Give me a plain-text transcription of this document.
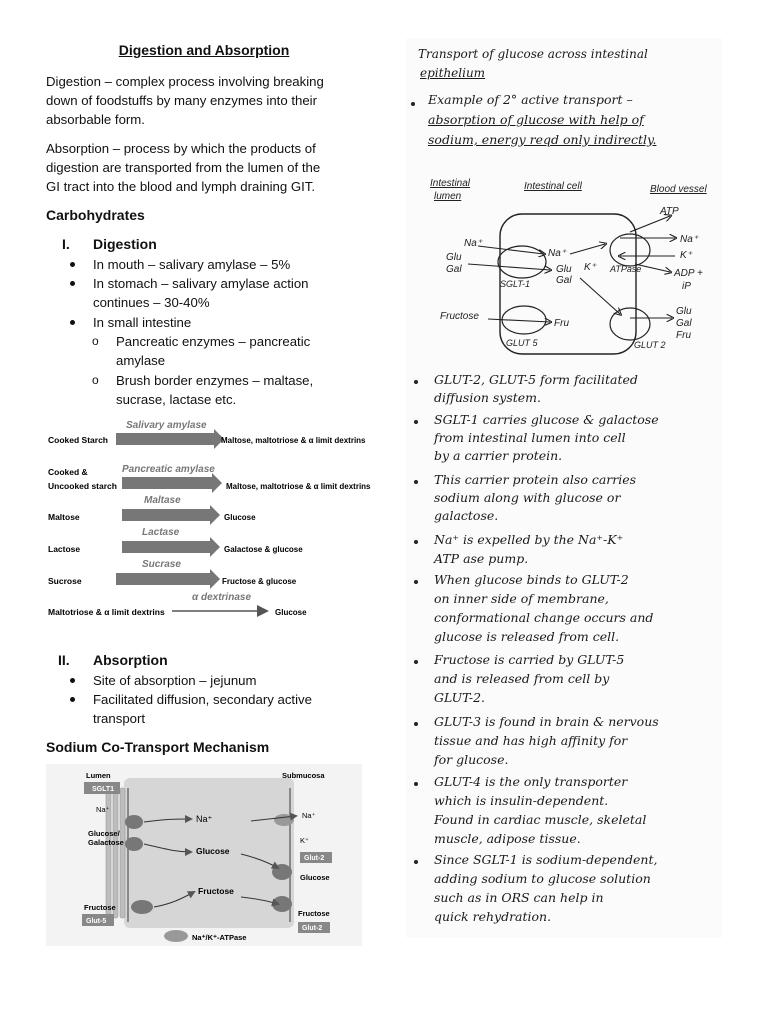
Digestion and Absorption
Digestion – complex process involving breaking
down of foodstuffs by many enzymes into their
absorbable form.
Absorption – process by which the products of
digestion are transported from the lumen of the
GI tract into the blood and lymph draining GIT.
Carbohydrates
I. Digestion
In mouth – salivary amylase – 5%
In stomach – salivary amylase action
continues – 30-40%
In small intestine
o Pancreatic enzymes – pancreatic
amylase
o Brush border enzymes – maltase,
sucrase, lactase etc.
Salivary amylase
Cooked Starch	Maltose, maltotriose & α limit dextrins
Pancreatic amylase
Cooked &
Uncooked starch	Maltose, maltotriose & α limit dextrins
Maltase
Maltose	Glucose
Lactase
Lactose	Galactose & glucose
Sucrase
Sucrose	Fructose & glucose
α dextrinase
Maltotriose & α limit dextrins	Glucose
II. Absorption
Site of absorption – jejunum
Facilitated diffusion, secondary active
transport
Sodium Co-Transport Mechanism
Lumen	Submucosa
SGLT1
Na⁺
Glucose/
Galactose
Na⁺
Glucose
Fructose
Fructose
Glut-5
Na⁺
K⁺
Glut-2
Glucose
Fructose
Glut-2
Na⁺/K⁺-ATPase
Transport of glucose across intestinal
epithelium
Example of 2° active transport –
absorption of glucose with help of
sodium, energy reqd only indirectly.
Intestinal
lumen
Intestinal cell	Blood vessel
ATP
Na⁺
Glu
Gal
Na⁺
Glu
Gal
K⁺ ATPase
SGLT-1
Na⁺
K⁺
ADP +
iP
Glu
Gal
Fru
Fructose
Fru
GLUT 5	GLUT 2
GLUT-2, GLUT-5 form facilitated
diffusion system.
SGLT-1 carries glucose & galactose
from intestinal lumen into cell
by a carrier protein.
This carrier protein also carries
sodium along with glucose or
galactose.
Na⁺ is expelled by the Na⁺-K⁺
ATP ase pump.
When glucose binds to GLUT-2
on inner side of membrane,
conformational change occurs and
glucose is released from cell.
Fructose is carried by GLUT-5
and is released from cell by
GLUT-2.
GLUT-3 is found in brain & nervous
tissue and has high affinity for
for glucose.
GLUT-4 is the only transporter
which is insulin-dependent.
Found in cardiac muscle, skeletal
muscle, adipose tissue.
Since SGLT-1 is sodium-dependent,
adding sodium to glucose solution
such as in ORS can help in
quick rehydration.
